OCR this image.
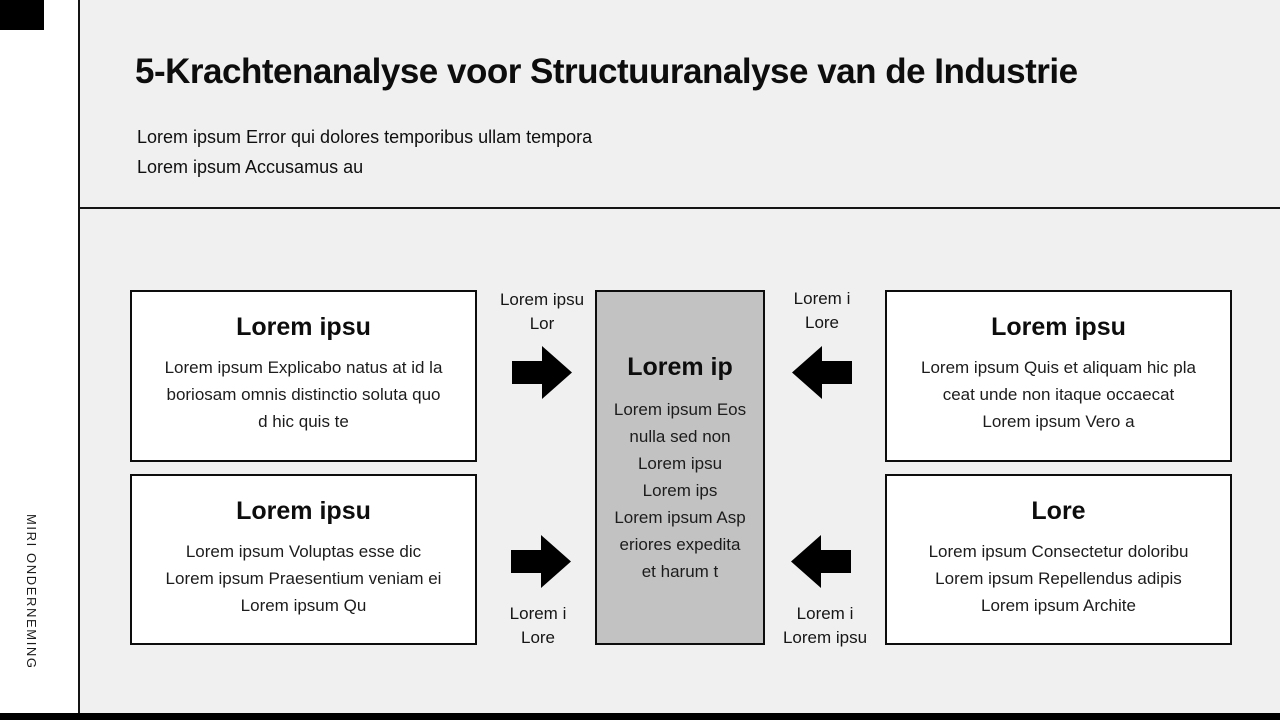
MIRI ONDERNEMING
5-Krachtenanalyse voor Structuuranalyse van de Industrie
Lorem ipsum Error qui dolores temporibus ullam tempora
Lorem ipsum Accusamus au
Lorem ipsu
Lorem ipsum Explicabo natus at id la
boriosam omnis distinctio soluta quo
d hic quis te
Lorem ipsu
Lorem ipsum Voluptas esse dic
Lorem ipsum Praesentium veniam ei
Lorem ipsum Qu
Lorem ip
Lorem ipsum Eos
nulla sed non
Lorem ipsu
Lorem ips
Lorem ipsum Asp
eriores expedita
et harum t
Lorem ipsu
Lorem ipsum Quis et aliquam hic pla
ceat unde non itaque occaecat
Lorem ipsum Vero a
Lore
Lorem ipsum Consectetur doloribu
Lorem ipsum Repellendus adipis
Lorem ipsum Archite
Lorem ipsu
Lor
Lorem i
Lore
Lorem i
Lore
Lorem i
Lorem ipsu
